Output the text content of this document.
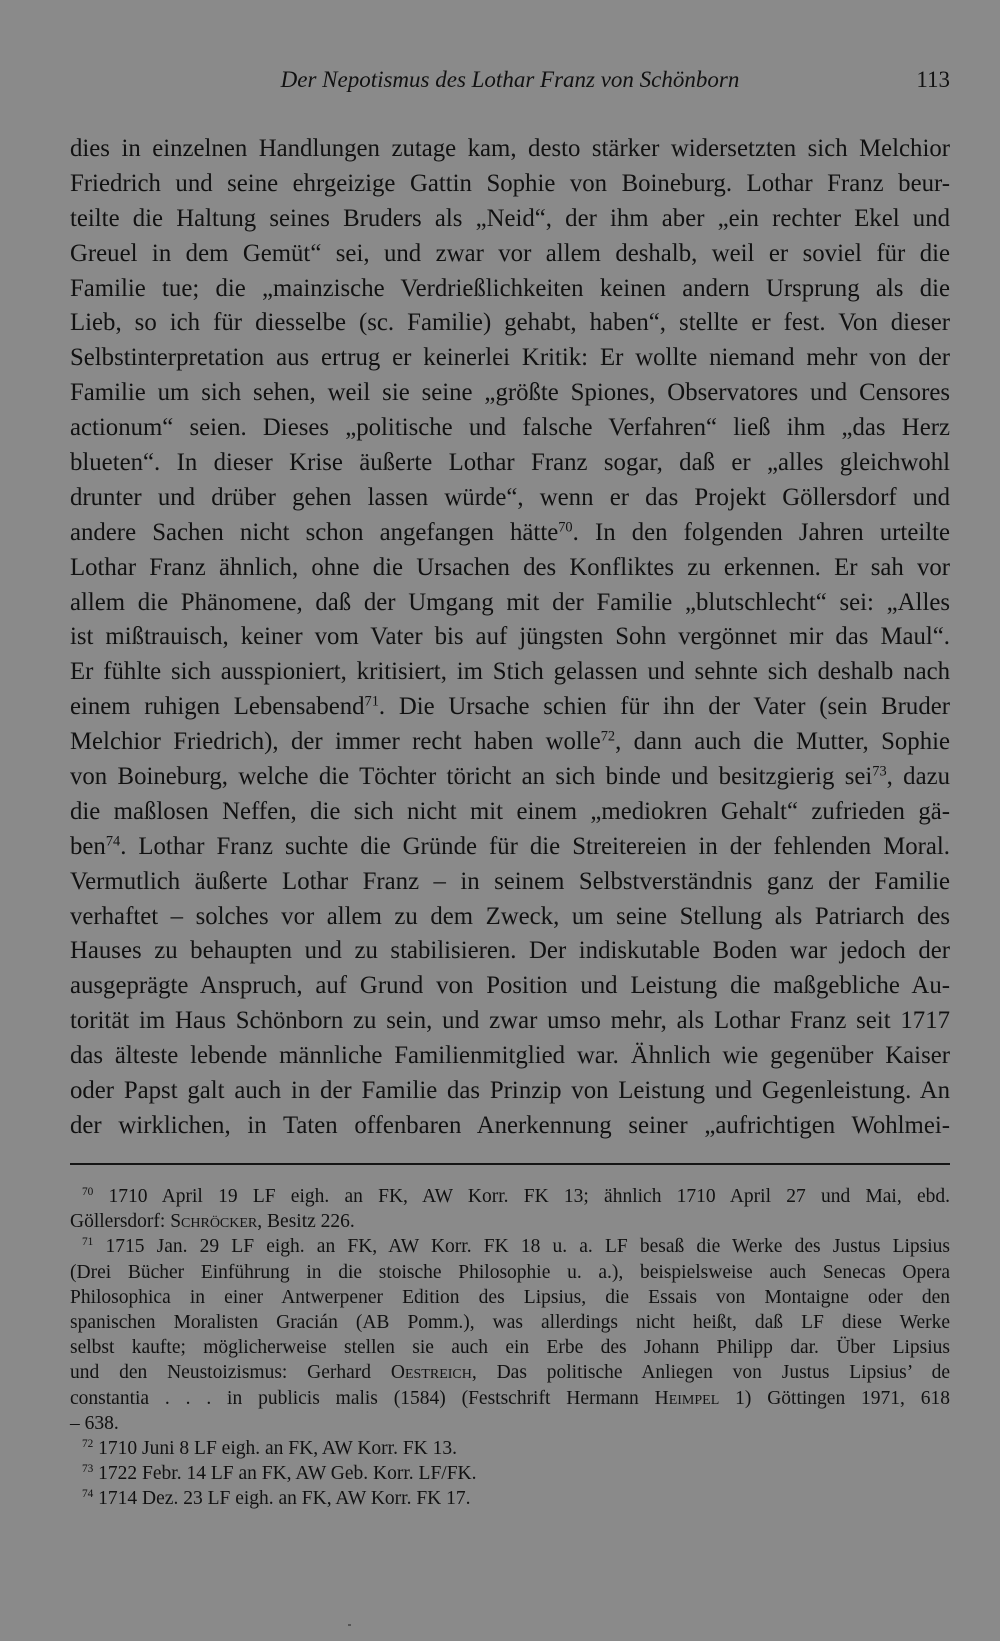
Der Nepotismus des Lothar Franz von Schönborn	113
dies in einzelnen Handlungen zutage kam, desto stärker widersetzten sich Melchior
Friedrich und seine ehrgeizige Gattin Sophie von Boineburg. Lothar Franz beur-
teilte die Haltung seines Bruders als „Neid“, der ihm aber „ein rechter Ekel und
Greuel in dem Gemüt“ sei, und zwar vor allem deshalb, weil er soviel für die
Familie tue; die „mainzische Verdrießlichkeiten keinen andern Ursprung als die
Lieb, so ich für diesselbe (sc. Familie) gehabt, haben“, stellte er fest. Von dieser
Selbstinterpretation aus ertrug er keinerlei Kritik: Er wollte niemand mehr von der
Familie um sich sehen, weil sie seine „größte Spiones, Observatores und Censores
actionum“ seien. Dieses „politische und falsche Verfahren“ ließ ihm „das Herz
blueten“. In dieser Krise äußerte Lothar Franz sogar, daß er „alles gleichwohl
drunter und drüber gehen lassen würde“, wenn er das Projekt Göllersdorf und
andere Sachen nicht schon angefangen hätte$^{70}$. In den folgenden Jahren urteilte
Lothar Franz ähnlich, ohne die Ursachen des Konfliktes zu erkennen. Er sah vor
allem die Phänomene, daß der Umgang mit der Familie „blutschlecht“ sei: „Alles
ist mißtrauisch, keiner vom Vater bis auf jüngsten Sohn vergönnet mir das Maul“.
Er fühlte sich ausspioniert, kritisiert, im Stich gelassen und sehnte sich deshalb nach
einem ruhigen Lebensabend$^{71}$. Die Ursache schien für ihn der Vater (sein Bruder
Melchior Friedrich), der immer recht haben wolle$^{72}$, dann auch die Mutter, Sophie
von Boineburg, welche die Töchter töricht an sich binde und besitzgierig sei$^{73}$, dazu
die maßlosen Neffen, die sich nicht mit einem „mediokren Gehalt“ zufrieden gä-
ben$^{74}$. Lothar Franz suchte die Gründe für die Streitereien in der fehlenden Moral.
Vermutlich äußerte Lothar Franz – in seinem Selbstverständnis ganz der Familie
verhaftet – solches vor allem zu dem Zweck, um seine Stellung als Patriarch des
Hauses zu behaupten und zu stabilisieren. Der indiskutable Boden war jedoch der
ausgeprägte Anspruch, auf Grund von Position und Leistung die maßgebliche Au-
torität im Haus Schönborn zu sein, und zwar umso mehr, als Lothar Franz seit 1717
das älteste lebende männliche Familienmitglied war. Ähnlich wie gegenüber Kaiser
oder Papst galt auch in der Familie das Prinzip von Leistung und Gegenleistung. An
der wirklichen, in Taten offenbaren Anerkennung seiner „aufrichtigen Wohlmei-
$^{70}$ 1710 April 19 LF eigh. an FK, AW Korr. FK 13; ähnlich 1710 April 27 und Mai, ebd.
Göllersdorf: Schröcker, Besitz 226.
$^{71}$ 1715 Jan. 29 LF eigh. an FK, AW Korr. FK 18 u. a. LF besaß die Werke des Justus Lipsius
(Drei Bücher Einführung in die stoische Philosophie u. a.), beispielsweise auch Senecas Opera
Philosophica in einer Antwerpener Edition des Lipsius, die Essais von Montaigne oder den
spanischen Moralisten Gracián (AB Pomm.), was allerdings nicht heißt, daß LF diese Werke
selbst kaufte; möglicherweise stellen sie auch ein Erbe des Johann Philipp dar. Über Lipsius
und den Neustoizismus: Gerhard Oestreich, Das politische Anliegen von Justus Lipsius’ de
constantia . . . in publicis malis (1584) (Festschrift Hermann Heimpel 1) Göttingen 1971, 618
– 638.
$^{72}$ 1710 Juni 8 LF eigh. an FK, AW Korr. FK 13.
$^{73}$ 1722 Febr. 14 LF an FK, AW Geb. Korr. LF/FK.
$^{74}$ 1714 Dez. 23 LF eigh. an FK, AW Korr. FK 17.
